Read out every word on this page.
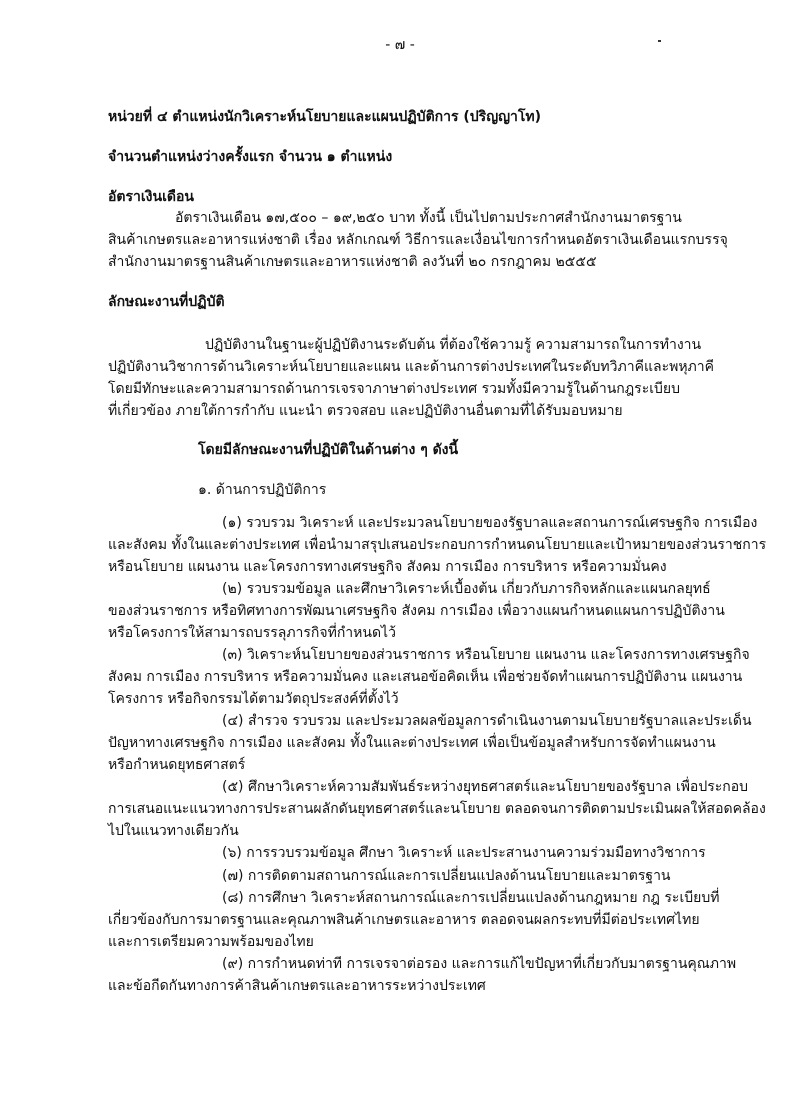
- ๗ -
หน่วยที่ ๔ ตำแหน่งนักวิเคราะห์นโยบายและแผนปฏิบัติการ (ปริญญาโท)
จำนวนตำแหน่งว่างครั้งแรก จำนวน ๑ ตำแหน่ง
อัตราเงินเดือน
อัตราเงินเดือน ๑๗,๕๐๐ – ๑๙,๒๕๐ บาท ทั้งนี้ เป็นไปตามประกาศสำนักงานมาตรฐาน
สินค้าเกษตรและอาหารแห่งชาติ เรื่อง หลักเกณฑ์ วิธีการและเงื่อนไขการกำหนดอัตราเงินเดือนแรกบรรจุ
สำนักงานมาตรฐานสินค้าเกษตรและอาหารแห่งชาติ ลงวันที่ ๒๐ กรกฎาคม ๒๕๕๕
ลักษณะงานที่ปฏิบัติ
ปฏิบัติงานในฐานะผู้ปฏิบัติงานระดับต้น ที่ต้องใช้ความรู้ ความสามารถในการทำงาน
ปฏิบัติงานวิชาการด้านวิเคราะห์นโยบายและแผน และด้านการต่างประเทศในระดับทวิภาคีและพหุภาคี
โดยมีทักษะและความสามารถด้านการเจรจาภาษาต่างประเทศ รวมทั้งมีความรู้ในด้านกฎระเบียบ
ที่เกี่ยวข้อง ภายใต้การกำกับ แนะนำ ตรวจสอบ และปฏิบัติงานอื่นตามที่ได้รับมอบหมาย
โดยมีลักษณะงานที่ปฏิบัติในด้านต่าง ๆ ดังนี้
๑. ด้านการปฏิบัติการ
(๑) รวบรวม วิเคราะห์ และประมวลนโยบายของรัฐบาลและสถานการณ์เศรษฐกิจ การเมือง
และสังคม ทั้งในและต่างประเทศ เพื่อนำมาสรุปเสนอประกอบการกำหนดนโยบายและเป้าหมายของส่วนราชการ
หรือนโยบาย แผนงาน และโครงการทางเศรษฐกิจ สังคม การเมือง การบริหาร หรือความมั่นคง
(๒) รวบรวมข้อมูล และศึกษาวิเคราะห์เบื้องต้น เกี่ยวกับภารกิจหลักและแผนกลยุทธ์
ของส่วนราชการ หรือทิศทางการพัฒนาเศรษฐกิจ สังคม การเมือง เพื่อวางแผนกำหนดแผนการปฏิบัติงาน
หรือโครงการให้สามารถบรรลุภารกิจที่กำหนดไว้
(๓) วิเคราะห์นโยบายของส่วนราชการ หรือนโยบาย แผนงาน และโครงการทางเศรษฐกิจ
สังคม การเมือง การบริหาร หรือความมั่นคง และเสนอข้อคิดเห็น เพื่อช่วยจัดทำแผนการปฏิบัติงาน แผนงาน
โครงการ หรือกิจกรรมได้ตามวัตถุประสงค์ที่ตั้งไว้
(๔) สำรวจ รวบรวม และประมวลผลข้อมูลการดำเนินงานตามนโยบายรัฐบาลและประเด็น
ปัญหาทางเศรษฐกิจ การเมือง และสังคม ทั้งในและต่างประเทศ เพื่อเป็นข้อมูลสำหรับการจัดทำแผนงาน
หรือกำหนดยุทธศาสตร์
(๕) ศึกษาวิเคราะห์ความสัมพันธ์ระหว่างยุทธศาสตร์และนโยบายของรัฐบาล เพื่อประกอบ
การเสนอแนะแนวทางการประสานผลักดันยุทธศาสตร์และนโยบาย ตลอดจนการติดตามประเมินผลให้สอดคล้อง
ไปในแนวทางเดียวกัน
(๖) การรวบรวมข้อมูล ศึกษา วิเคราะห์ และประสานงานความร่วมมือทางวิชาการ
(๗) การติดตามสถานการณ์และการเปลี่ยนแปลงด้านนโยบายและมาตรฐาน
(๘) การศึกษา วิเคราะห์สถานการณ์และการเปลี่ยนแปลงด้านกฎหมาย กฎ ระเบียบที่
เกี่ยวข้องกับการมาตรฐานและคุณภาพสินค้าเกษตรและอาหาร ตลอดจนผลกระทบที่มีต่อประเทศไทย
และการเตรียมความพร้อมของไทย
(๙) การกำหนดท่าที การเจรจาต่อรอง และการแก้ไขปัญหาที่เกี่ยวกับมาตรฐานคุณภาพ
และข้อกีดกันทางการค้าสินค้าเกษตรและอาหารระหว่างประเทศ
